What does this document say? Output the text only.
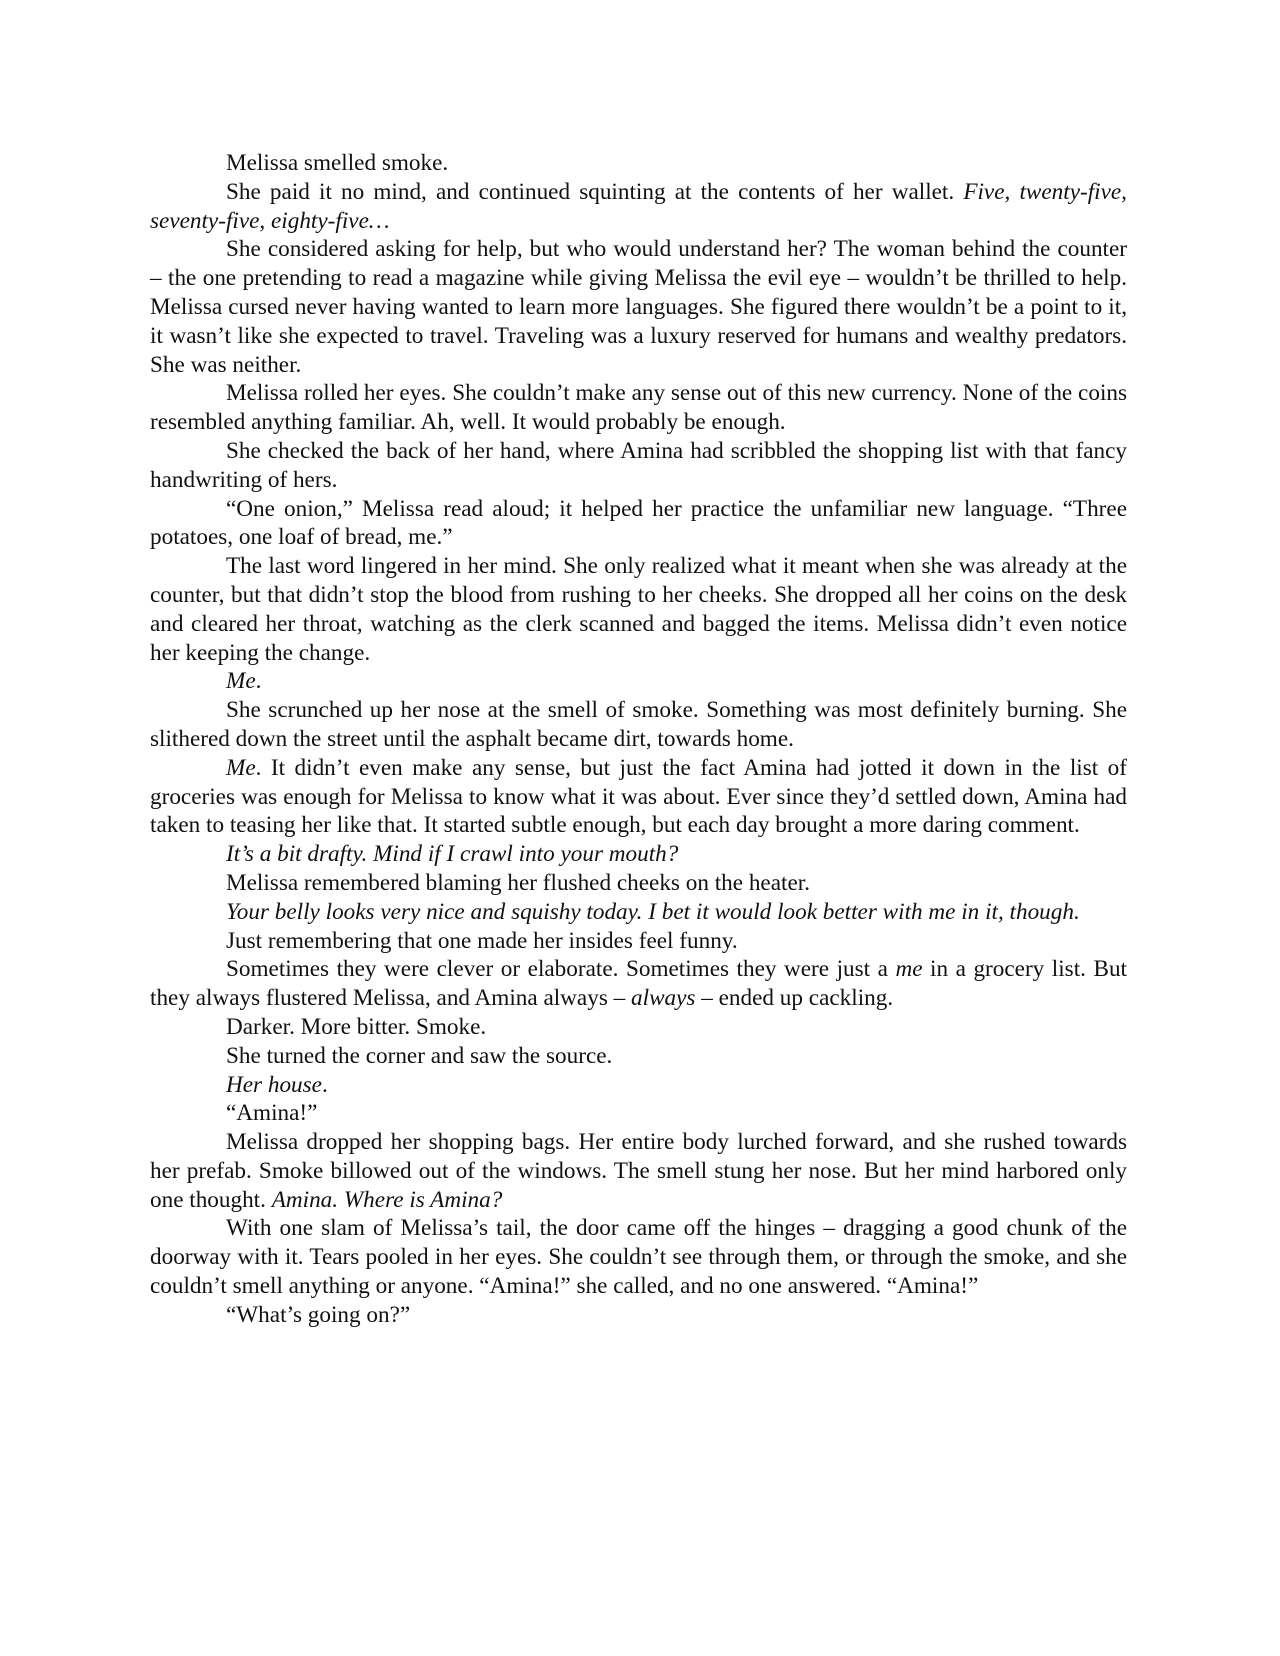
Melissa smelled smoke.

She paid it no mind, and continued squinting at the contents of her wallet. Five, twenty-five, seventy-five, eighty-five…

She considered asking for help, but who would understand her? The woman behind the counter – the one pretending to read a magazine while giving Melissa the evil eye – wouldn’t be thrilled to help. Melissa cursed never having wanted to learn more languages. She figured there wouldn’t be a point to it, it wasn’t like she expected to travel. Traveling was a luxury reserved for humans and wealthy predators. She was neither.

Melissa rolled her eyes. She couldn’t make any sense out of this new currency. None of the coins resembled anything familiar. Ah, well. It would probably be enough.

She checked the back of her hand, where Amina had scribbled the shopping list with that fancy handwriting of hers.

“One onion,” Melissa read aloud; it helped her practice the unfamiliar new language. “Three potatoes, one loaf of bread, me.”

The last word lingered in her mind. She only realized what it meant when she was already at the counter, but that didn’t stop the blood from rushing to her cheeks. She dropped all her coins on the desk and cleared her throat, watching as the clerk scanned and bagged the items. Melissa didn’t even notice her keeping the change.

Me.

She scrunched up her nose at the smell of smoke. Something was most definitely burning. She slithered down the street until the asphalt became dirt, towards home.

Me. It didn’t even make any sense, but just the fact Amina had jotted it down in the list of groceries was enough for Melissa to know what it was about. Ever since they’d settled down, Amina had taken to teasing her like that. It started subtle enough, but each day brought a more daring comment.

It’s a bit drafty. Mind if I crawl into your mouth?

Melissa remembered blaming her flushed cheeks on the heater.

Your belly looks very nice and squishy today. I bet it would look better with me in it, though.

Just remembering that one made her insides feel funny.

Sometimes they were clever or elaborate. Sometimes they were just a me in a grocery list. But they always flustered Melissa, and Amina always – always – ended up cackling.

Darker. More bitter. Smoke.

She turned the corner and saw the source.

Her house.

“Amina!”

Melissa dropped her shopping bags. Her entire body lurched forward, and she rushed towards her prefab. Smoke billowed out of the windows. The smell stung her nose. But her mind harbored only one thought. Amina. Where is Amina?

With one slam of Melissa’s tail, the door came off the hinges – dragging a good chunk of the doorway with it. Tears pooled in her eyes. She couldn’t see through them, or through the smoke, and she couldn’t smell anything or anyone. “Amina!” she called, and no one answered. “Amina!”

“What’s going on?”
